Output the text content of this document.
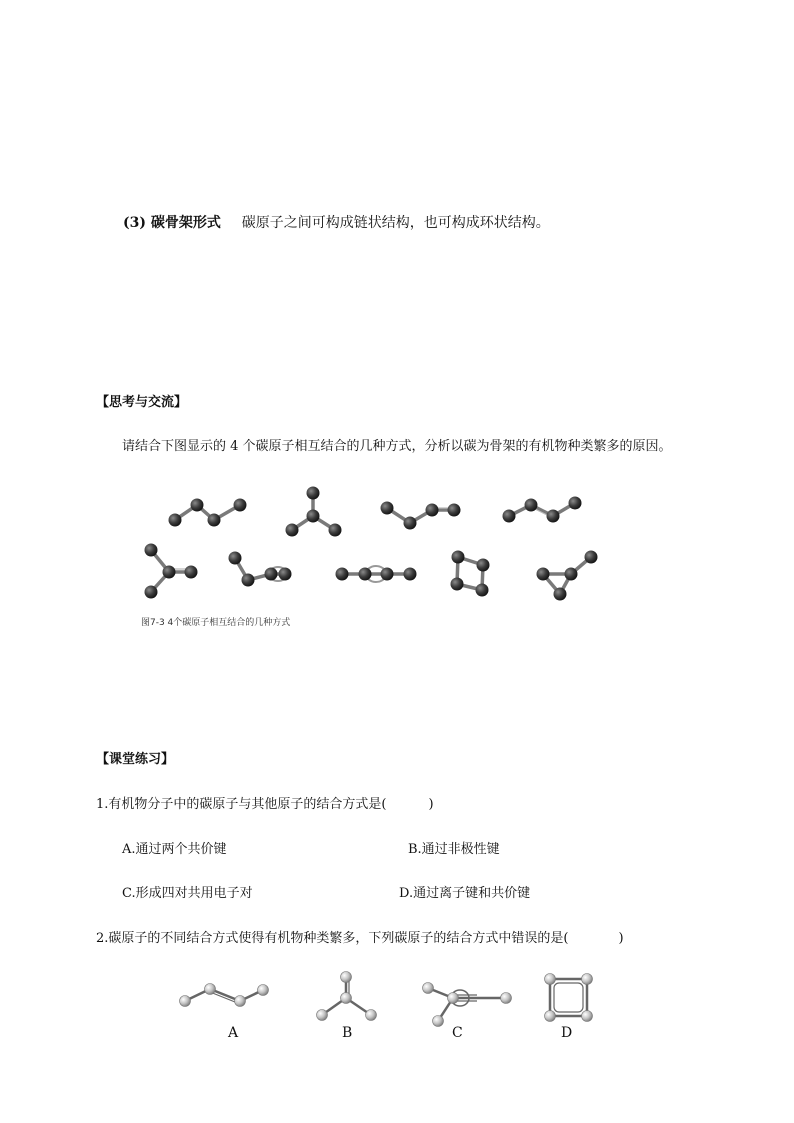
(3) 碳骨架形式 碳原子之间可构成链状结构，也可构成环状结构。
【思考与交流】
请结合下图显示的 4 个碳原子相互结合的几种方式，分析以碳为骨架的有机物种类繁多的原因。
图7-3 4个碳原子相互结合的几种方式
【课堂练习】
1.有机物分子中的碳原子与其他原子的结合方式是(	)
A.通过两个共价键	B.通过非极性键
C.形成四对共用电子对	D.通过离子键和共价键
2.碳原子的不同结合方式使得有机物种类繁多，下列碳原子的结合方式中错误的是(	)
A	B	C	D
